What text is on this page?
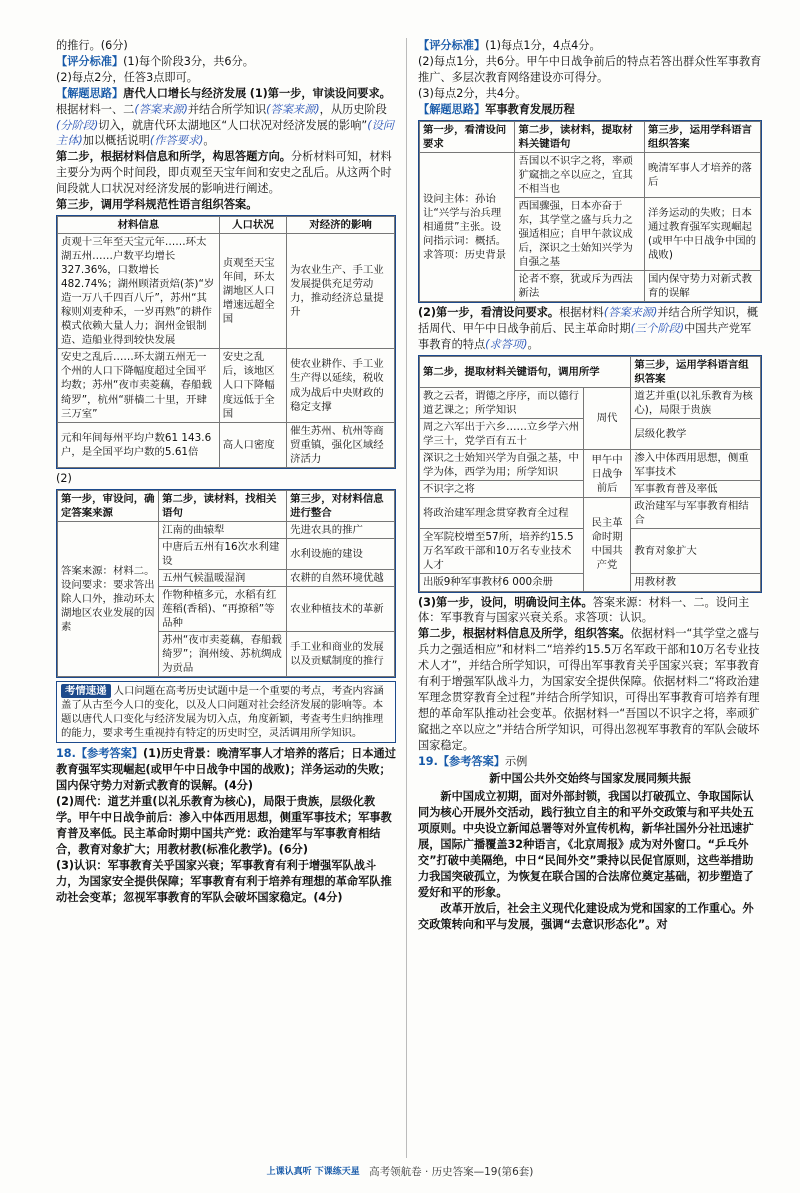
的推行。(6分)

【评分标准】(1)每个阶段3分，共6分。

(2)每点2分，任答3点即可。

【解题思路】唐代人口增长与经济发展 (1)第一步，审读设问要求。根据材料一、二(答案来源)并结合所学知识(答案来源)，从历史阶段(分阶段)切入，就唐代环太湖地区“人口状况对经济发展的影响”(设问主体)加以概括说明(作答要求)。

第二步，根据材料信息和所学，构思答题方向。分析材料可知，材料主要分为两个时间段，即贞观至天宝年间和安史之乱后。从这两个时间段就人口状况对经济发展的影响进行阐述。

第三步，调用学科规范性语言组织答案。

材料信息	人口状况	对经济的影响
贞观十三年至天宝元年……环太湖五州……户数平均增长327.36%，口数增长482.74%；湖州顾渚贡焙(茶)“岁造一万八千四百八斤”，苏州“其稼则刈麦种禾，一岁再熟”的耕作模式依赖大量人力；润州金银制造、造船业得到较快发展	贞观至天宝年间，环太湖地区人口增速远超全国	为农业生产、手工业发展提供充足劳动力，推动经济总量提升
安史之乱后……环太湖五州无一个州的人口下降幅度超过全国平均数；苏州“夜市卖菱藕，春船载绮罗”，杭州“骈樯二十里，开肆三万室”	安史之乱后，该地区人口下降幅度远低于全国	使农业耕作、手工业生产得以延续，税收成为战后中央财政的稳定支撑
元和年间每州平均户数61 143.6户，是全国平均户数的5.61倍	高人口密度	催生苏州、杭州等商贸重镇，强化区域经济活力

(2)

第一步，审设问，确定答案来源	第二步，读材料，找相关语句	第三步，对材料信息进行整合
答案来源：材料二。设问要求：要求答出除人口外，推动环太湖地区农业发展的因素	江南的曲辕犁	先进农具的推广
	中唐后五州有16次水利建设	水利设施的建设
	五州气候温暖湿润	农耕的自然环境优越
	作物种植多元，水稻有红莲稻(香稻)、“再撩稻”等品种	农业种植技术的革新
	苏州“夜市卖菱藕，春船载绮罗”；润州绫、苏杭绸成为贡品	手工业和商业的发展以及贡赋制度的推行
考情速递 人口问题在高考历史试题中是一个重要的考点，考查内容涵盖了从古至今人口的变化，以及人口问题对社会经济发展的影响等。本题以唐代人口变化与经济发展为切入点，角度新颖，考查考生归纳推理的能力，要求考生重视持有特定的历史时空，灵活调用所学知识。

18.【参考答案】(1)历史背景：晚清军事人才培养的落后；日本通过教育强军实现崛起(或甲午中日战争中国的战败)；洋务运动的失败；国内保守势力对新式教育的误解。(4分)

(2)周代：道艺并重(以礼乐教育为核心)，局限于贵族，层级化教学。甲午中日战争前后：渗入中体西用思想，侧重军事技术；军事教育普及率低。民主革命时期中国共产党：政治建军与军事教育相结合，教育对象扩大；用教材教(标准化教学)。(6分)

(3)认识：军事教育关乎国家兴衰；军事教育有利于增强军队战斗力，为国家安全提供保障；军事教育有利于培养有理想的革命军队推动社会变革；忽视军事教育的军队会破坏国家稳定。(4分)

【评分标准】(1)每点1分，4点4分。

(2)每点1分，共6分。甲午中日战争前后的特点若答出群众性军事教育推广、多层次教育网络建设亦可得分。

(3)每点2分，共4分。

【解题思路】军事教育发展历程

第一步，看清设问要求	第二步，读材料，提取材料关键语句	第三步，运用学科语言组织答案
设问主体：孙诒让“兴学与治兵理相通贯”主张。设问指示词：概括。求答项：历史背景	吾国以不识字之将，率顽犷窳拙之卒以应之，宜其不相当也	晚清军事人才培养的落后
	西国骤强，日本亦奋于东，其学堂之盛与兵力之强适相应；自甲午款议成后，深识之士始知兴学为自强之基	洋务运动的失败；日本通过教育强军实现崛起(或甲午中日战争中国的战败)
	论者不察，犹或斥为西法新法	国内保守势力对新式教育的误解

(2)第一步，看清设问要求。根据材料(答案来源)并结合所学知识，概括周代、甲午中日战争前后、民主革命时期(三个阶段)中国共产党军事教育的特点(求答项)。

第二步，提取材料关键语句，调用所学		第三步，运用学科语言组织答案
教之云者，谓德之序序，而以德行道艺课之；所学知识	周代	道艺并重(以礼乐教育为核心)，局限于贵族
周之六军出于六乡……立乡学六州学三十，党学百有五十		层级化教学
深识之士始知兴学为自强之基，中学为体，西学为用；所学知识	甲午中日战争前后	渗入中体西用思想，侧重军事技术
不识字之将		军事教育普及率低
将政治建军理念贯穿教育全过程	民主革命时期中国共产党	政治建军与军事教育相结合
全军院校增至57所，培养约15.5万名军政干部和10万名专业技术人才		教育对象扩大
出版9种军事教材6 000余册		用教材教

(3)第一步，设问，明确设问主体。答案来源：材料一、二。设问主体：军事教育与国家兴衰关系。求答项：认识。

第二步，根据材料信息及所学，组织答案。依据材料一“其学堂之盛与兵力之强适相应”和材料二“培养约15.5万名军政干部和10万名专业技术人才”，并结合所学知识，可得出军事教育关乎国家兴衰；军事教育有利于增强军队战斗力，为国家安全提供保障。依据材料二“将政治建军理念贯穿教育全过程”并结合所学知识，可得出军事教育可培养有理想的革命军队推动社会变革。依据材料一“吾国以不识字之将，率顽犷窳拙之卒以应之”并结合所学知识，可得出忽视军事教育的军队会破坏国家稳定。

19.【参考答案】示例

新中国公共外交始终与国家发展同频共振

新中国成立初期，面对外部封锁，我国以打破孤立、争取国际认同为核心开展外交活动，践行独立自主的和平外交政策与和平共处五项原则。中央设立新闻总署等对外宣传机构，新华社国外分社迅速扩展，国际广播覆盖32种语言，《北京周报》成为对外窗口。“乒乓外交”打破中美隔绝，中日“民间外交”秉持以民促官原则，这些举措助力我国突破孤立，为恢复在联合国的合法席位奠定基础，初步塑造了爱好和平的形象。

改革开放后，社会主义现代化建设成为党和国家的工作重心。外交政策转向和平与发展，强调“去意识形态化”。对

上课认真听 下课练天星 高考领航卷 · 历史答案—19(第6套)
